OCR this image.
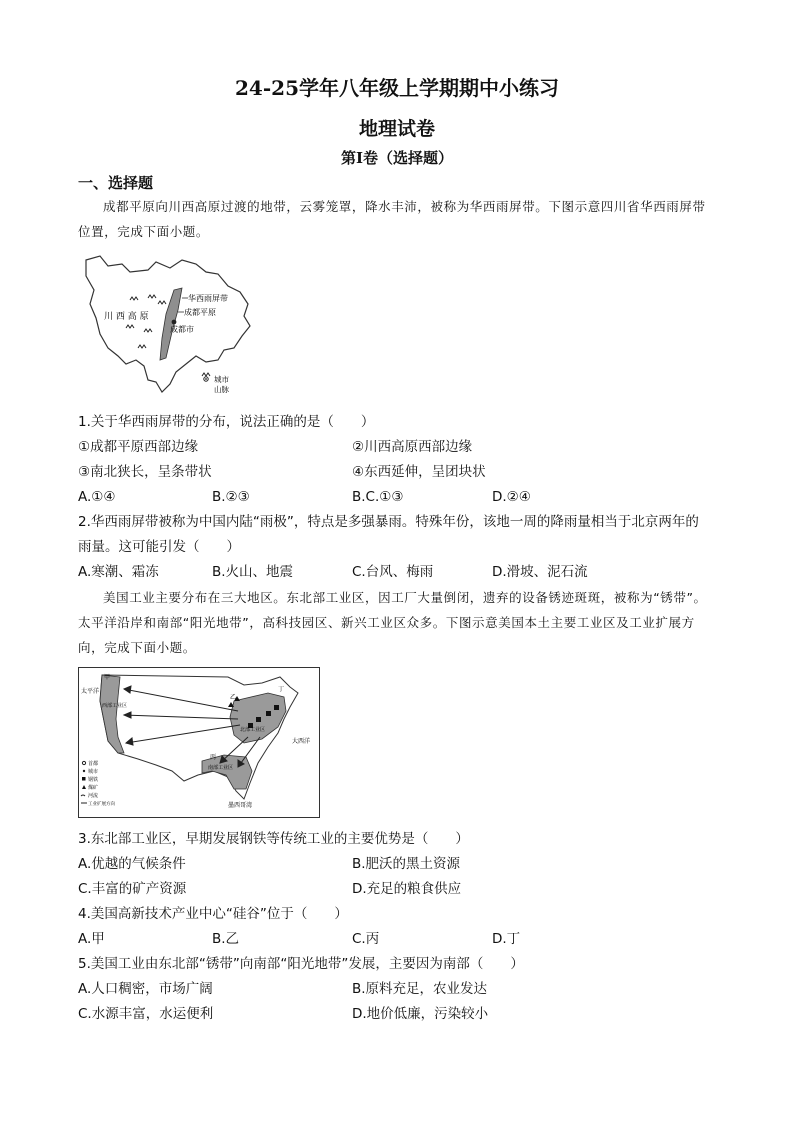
24-25学年八年级上学期期中小练习
地理试卷
第Ⅰ卷（选择题）
一、选择题
成都平原向川西高原过渡的地带，云雾笼罩，降水丰沛，被称为华西雨屏带。下图示意四川省华西雨屏带位置，完成下面小题。
华西雨屏带
成都平原
成都市
川 西 高 原
城市
山脉
1.关于华西雨屏带的分布，说法正确的是（　　）
①成都平原西部边缘	②川西高原西部边缘
③南北狭长，呈条带状	④东西延伸，呈团块状
A.①④	B.②③	B.C.①③	D.②④
2.华西雨屏带被称为中国内陆“雨极”，特点是多强暴雨。特殊年份，该地一周的降雨量相当于北京两年的
雨量。这可能引发（　　）
A.寒潮、霜冻	B.火山、地震	C.台风、梅雨	D.滑坡、泥石流
美国工业主要分布在三大地区。东北部工业区，因工厂大量倒闭，遗弃的设备锈迹斑斑，被称为“锈带”。太平洋沿岸和南部“阳光地带”，高科技园区、新兴工业区众多。下图示意美国本土主要工业区及工业扩展方向，完成下面小题。
太平洋
西部工业区
北部工业区
大西洋
南部工业区
墨西哥湾
甲
乙
丙
丁
首都
城市
钢铁
煤矿
河流
工业扩展方向
3.东北部工业区，早期发展钢铁等传统工业的主要优势是（　　）
A.优越的气候条件	B.肥沃的黑土资源
C.丰富的矿产资源	D.充足的粮食供应
4.美国高新技术产业中心“硅谷”位于（　　）
A.甲	B.乙	C.丙	D.丁
5.美国工业由东北部“锈带”向南部“阳光地带”发展，主要因为南部（　　）
A.人口稠密，市场广阔	B.原料充足，农业发达
C.水源丰富，水运便利	D.地价低廉，污染较小
